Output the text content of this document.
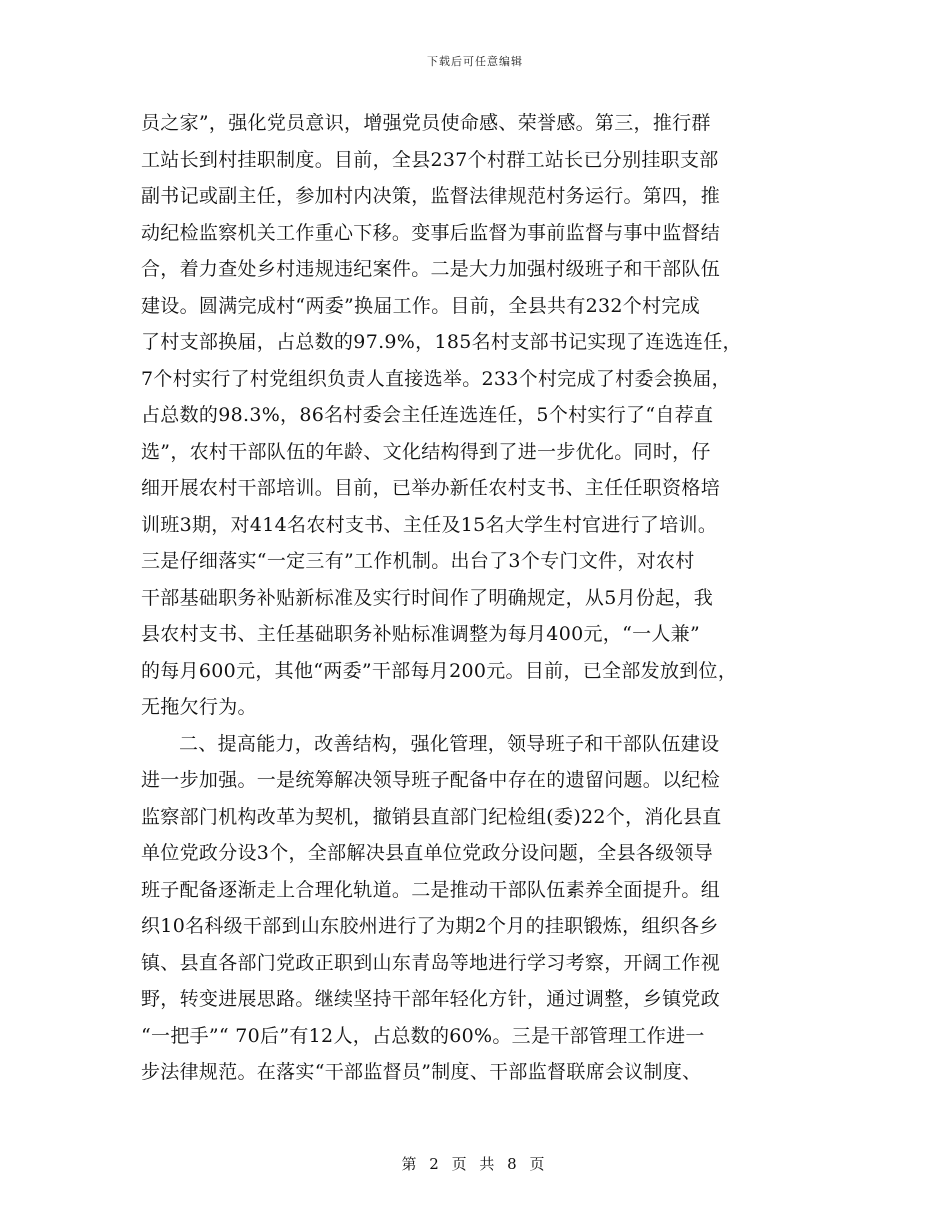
下载后可任意编辑
员之家”，强化党员意识，增强党员使命感、荣誉感。第三，推行群
工站长到村挂职制度。目前，全县237个村群工站长已分别挂职支部
副书记或副主任，参加村内决策，监督法律规范村务运行。第四，推
动纪检监察机关工作重心下移。变事后监督为事前监督与事中监督结
合，着力查处乡村违规违纪案件。二是大力加强村级班子和干部队伍
建设。圆满完成村“两委”换届工作。目前，全县共有232个村完成
了村支部换届，占总数的97.9%，185名村支部书记实现了连选连任，
7个村实行了村党组织负责人直接选举。233个村完成了村委会换届，
占总数的98.3%，86名村委会主任连选连任，5个村实行了“自荐直
选”，农村干部队伍的年龄、文化结构得到了进一步优化。同时，仔
细开展农村干部培训。目前，已举办新任农村支书、主任任职资格培
训班3期，对414名农村支书、主任及15名大学生村官进行了培训。
三是仔细落实“一定三有”工作机制。出台了3个专门文件，对农村
干部基础职务补贴新标准及实行时间作了明确规定，从5月份起，我
县农村支书、主任基础职务补贴标准调整为每月400元，“一人兼”
的每月600元，其他“两委”干部每月200元。目前，已全部发放到位，
无拖欠行为。
二、提高能力，改善结构，强化管理，领导班子和干部队伍建设
进一步加强。一是统筹解决领导班子配备中存在的遗留问题。以纪检
监察部门机构改革为契机，撤销县直部门纪检组(委)22个，消化县直
单位党政分设3个，全部解决县直单位党政分设问题，全县各级领导
班子配备逐渐走上合理化轨道。二是推动干部队伍素养全面提升。组
织10名科级干部到山东胶州进行了为期2个月的挂职锻炼，组织各乡
镇、县直各部门党政正职到山东青岛等地进行学习考察，开阔工作视
野，转变进展思路。继续坚持干部年轻化方针，通过调整，乡镇党政
“一把手”“ 70后”有12人，占总数的60%。三是干部管理工作进一
步法律规范。在落实“干部监督员”制度、干部监督联席会议制度、
第 2 页 共 8 页
